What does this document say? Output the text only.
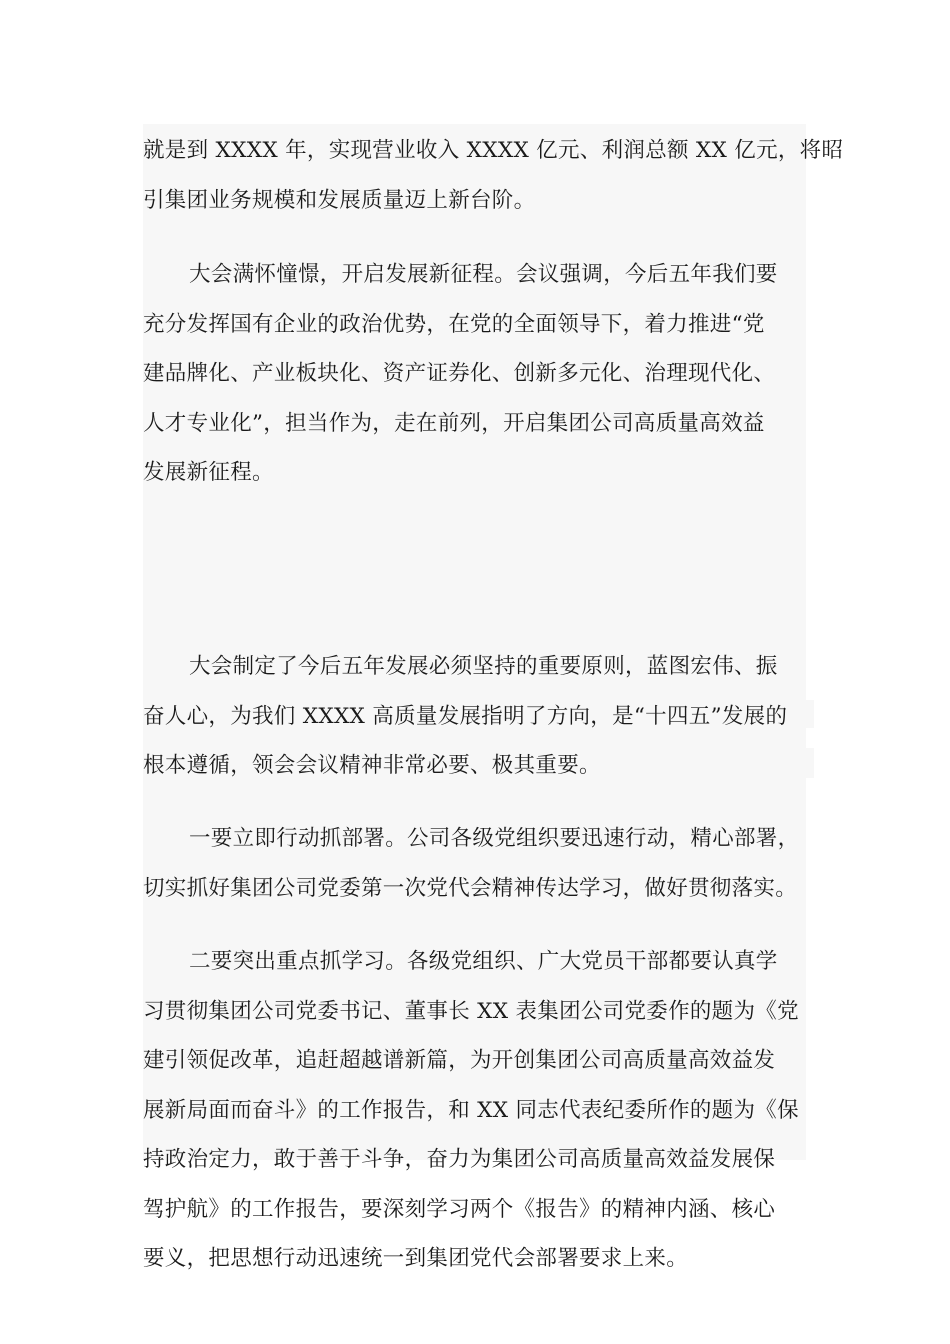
就是到 XXXX 年，实现营业收入 XXXX 亿元、利润总额 XX 亿元，将昭
引集团业务规模和发展质量迈上新台阶。

大会满怀憧憬，开启发展新征程。会议强调，今后五年我们要
充分发挥国有企业的政治优势，在党的全面领导下，着力推进“党
建品牌化、产业板块化、资产证券化、创新多元化、治理现代化、
人才专业化”，担当作为，走在前列，开启集团公司高质量高效益
发展新征程。

大会制定了今后五年发展必须坚持的重要原则，蓝图宏伟、振
奋人心，为我们 XXXX 高质量发展指明了方向，是“十四五”发展的
根本遵循，领会会议精神非常必要、极其重要。

一要立即行动抓部署。公司各级党组织要迅速行动，精心部署，
切实抓好集团公司党委第一次党代会精神传达学习，做好贯彻落实。

二要突出重点抓学习。各级党组织、广大党员干部都要认真学
习贯彻集团公司党委书记、董事长 XX 表集团公司党委作的题为《党
建引领促改革，追赶超越谱新篇，为开创集团公司高质量高效益发
展新局面而奋斗》的工作报告，和 XX 同志代表纪委所作的题为《保
持政治定力，敢于善于斗争，奋力为集团公司高质量高效益发展保
驾护航》的工作报告，要深刻学习两个《报告》的精神内涵、核心
要义，把思想行动迅速统一到集团党代会部署要求上来。
